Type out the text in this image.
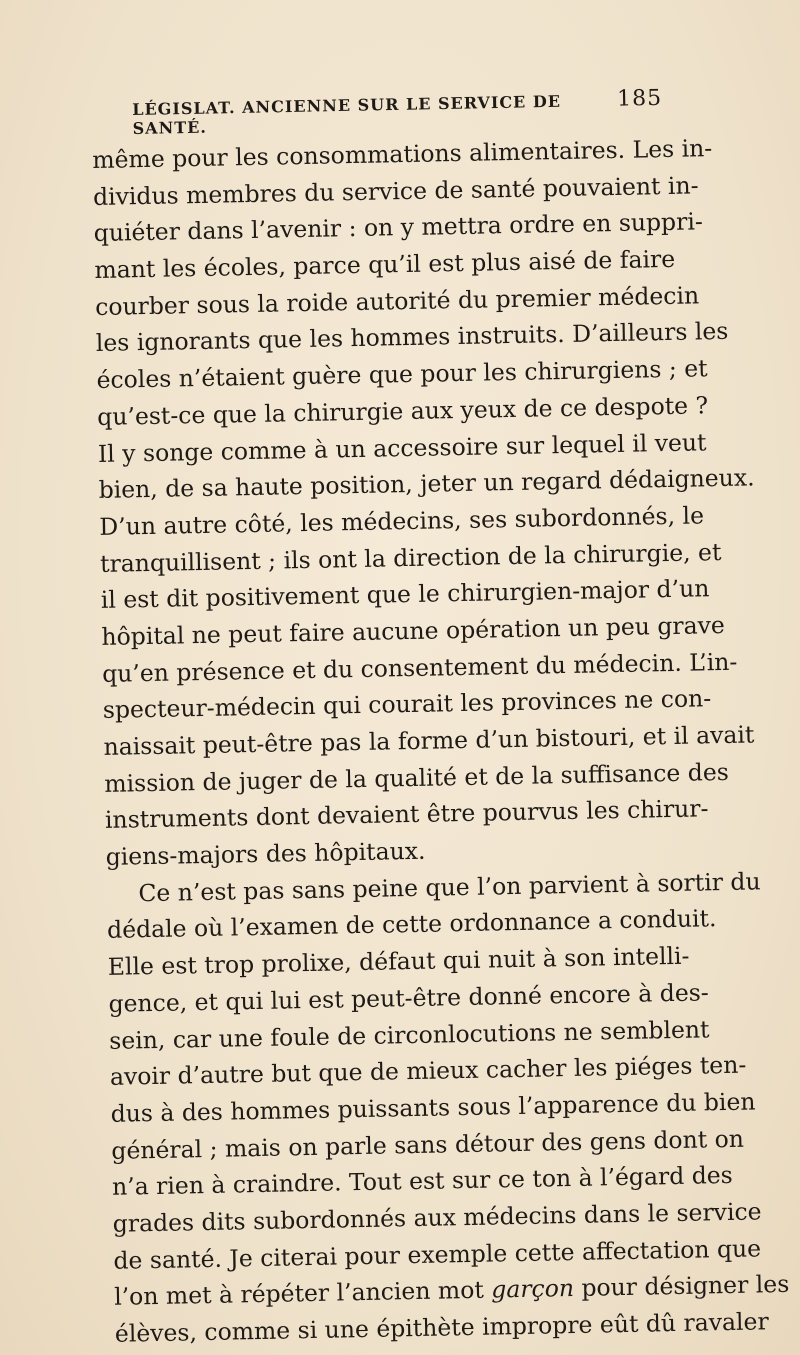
LÉGISLAT. ANCIENNE SUR LE SERVICE DE SANTÉ.
185
même pour les consommations alimentaires. Les in-
dividus membres du service de santé pouvaient in-
quiéter dans l’avenir : on y mettra ordre en suppri-
mant les écoles, parce qu’il est plus aisé de faire
courber sous la roide autorité du premier médecin
les ignorants que les hommes instruits. D’ailleurs les
écoles n’étaient guère que pour les chirurgiens ; et
qu’est-ce que la chirurgie aux yeux de ce despote ?
Il y songe comme à un accessoire sur lequel il veut
bien, de sa haute position, jeter un regard dédaigneux.
D’un autre côté, les médecins, ses subordonnés, le
tranquillisent ; ils ont la direction de la chirurgie, et
il est dit positivement que le chirurgien-major d’un
hôpital ne peut faire aucune opération un peu grave
qu’en présence et du consentement du médecin. L’in-
specteur-médecin qui courait les provinces ne con-
naissait peut-être pas la forme d’un bistouri, et il avait
mission de juger de la qualité et de la suffisance des
instruments dont devaient être pourvus les chirur-
giens-majors des hôpitaux.
Ce n’est pas sans peine que l’on parvient à sortir du
dédale où l’examen de cette ordonnance a conduit.
Elle est trop prolixe, défaut qui nuit à son intelli-
gence, et qui lui est peut-être donné encore à des-
sein, car une foule de circonlocutions ne semblent
avoir d’autre but que de mieux cacher les piéges ten-
dus à des hommes puissants sous l’apparence du bien
général ; mais on parle sans détour des gens dont on
n’a rien à craindre. Tout est sur ce ton à l’égard des
grades dits subordonnés aux médecins dans le service
de santé. Je citerai pour exemple cette affectation que
l’on met à répéter l’ancien mot garçon pour désigner les
élèves, comme si une épithète impropre eût dû ravaler
